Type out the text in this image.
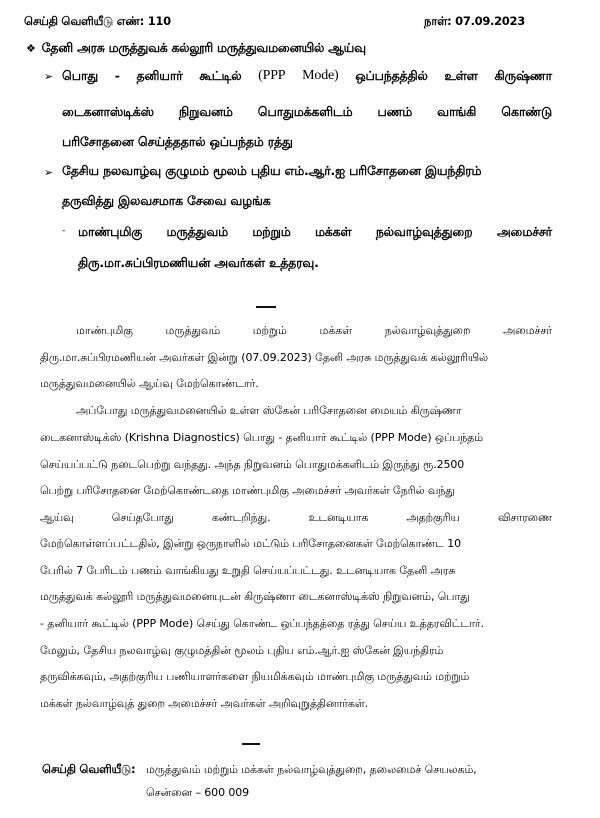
செய்தி வெளியீடு எண்: 110	நாள்: 07.09.2023
❖ தேனி அரசு மருத்துவக் கல்லூரி மருத்துவமனையில் ஆய்வு
➢ பொது - தனியார் கூட்டில் (PPP Mode) ஒப்பந்தத்தில் உள்ள கிருஷ்ணா
டைகனாஸ்டிக்ஸ் நிறுவனம் பொதுமக்களிடம் பணம் வாங்கி கொண்டு
பரிசோதனை செய்த்ததால் ஒப்பந்தம் ரத்து
➢ தேசிய நலவாழ்வு குழுமம் மூலம் புதிய எம்.ஆர்.ஐ பரிசோதனை இயந்திரம்
தருவித்து இலவசமாக சேவை வழங்க
- மாண்புமிகு மருத்துவம் மற்றும் மக்கள் நல்வாழ்வுத்துறை அமைச்சர்
திரு.மா.சுப்பிரமணியன் அவர்கள் உத்தரவு.
மாண்புமிகு	மருத்துவம்	மற்றும்	மக்கள்	நல்வாழ்வுத்துறை	அமைச்சர்
திரு.மா.சுப்பிரமணியன் அவர்கள் இன்று (07.09.2023) தேனி அரசு மருத்துவக் கல்லூரியில்
மருத்துவமனையில் ஆய்வு மேற்கொண்டார்.
அப்போது மருத்துவமனையில் உள்ள ஸ்கேன் பரிசோதனை மையம் கிருஷ்ணா
டைகனாஸ்டிக்ஸ் (Krishna Diagnostics) பொது - தனியார் கூட்டில் (PPP Mode) ஒப்பந்தம்
செய்யப்பட்டு நடைபெற்று வந்தது. அந்த நிறுவனம் பொதுமக்களிடம் இருந்து ரூ.2500
பெற்று பரிசோதனை மேற்கொண்டதை மாண்புமிகு அமைச்சர் அவர்கள் நேரில் வந்து
ஆய்வு	செய்தபோது	கண்டறிந்து.	உடனடியாக	அதற்குரிய	விசாரணை
மேற்கொள்ளப்பட்டதில், இன்று ஒருநாளில் மட்டும் பரிசோதனைகள் மேற்கொண்ட 10
பேரில் 7 பேரிடம் பணம் வாங்கியது உறுதி செய்யப்பட்டது. உடனடியாக தேனி அரசு
மருத்துவக் கல்லூரி மருத்துவமனையுடன் கிருஷ்ணா டைகனாஸ்டிக்ஸ் நிறுவனம், பொது
- தனியார் கூட்டில் (PPP Mode) செய்து கொண்ட ஒப்பந்தத்தை ரத்து செய்ய உத்தரவிட்டார்.
மேலும், தேசிய நலவாழ்வு குழுமத்தின் மூலம் புதிய எம்.ஆர்.ஐ ஸ்கேன் இயந்திரம்
தருவிக்கவும், அதற்குரிய பணியாளர்களை நியமிக்கவும் மாண்புமிகு மருத்துவம் மற்றும்
மக்கள் நல்வாழ்வுத் துறை அமைச்சர் அவர்கள் அறிவுறுத்தினார்கள்.
செய்தி வெளியீடு: மருத்துவம் மற்றும் மக்கள் நல்வாழ்வுத்துறை, தலைமைச் செயலகம்,
சென்னை – 600 009
